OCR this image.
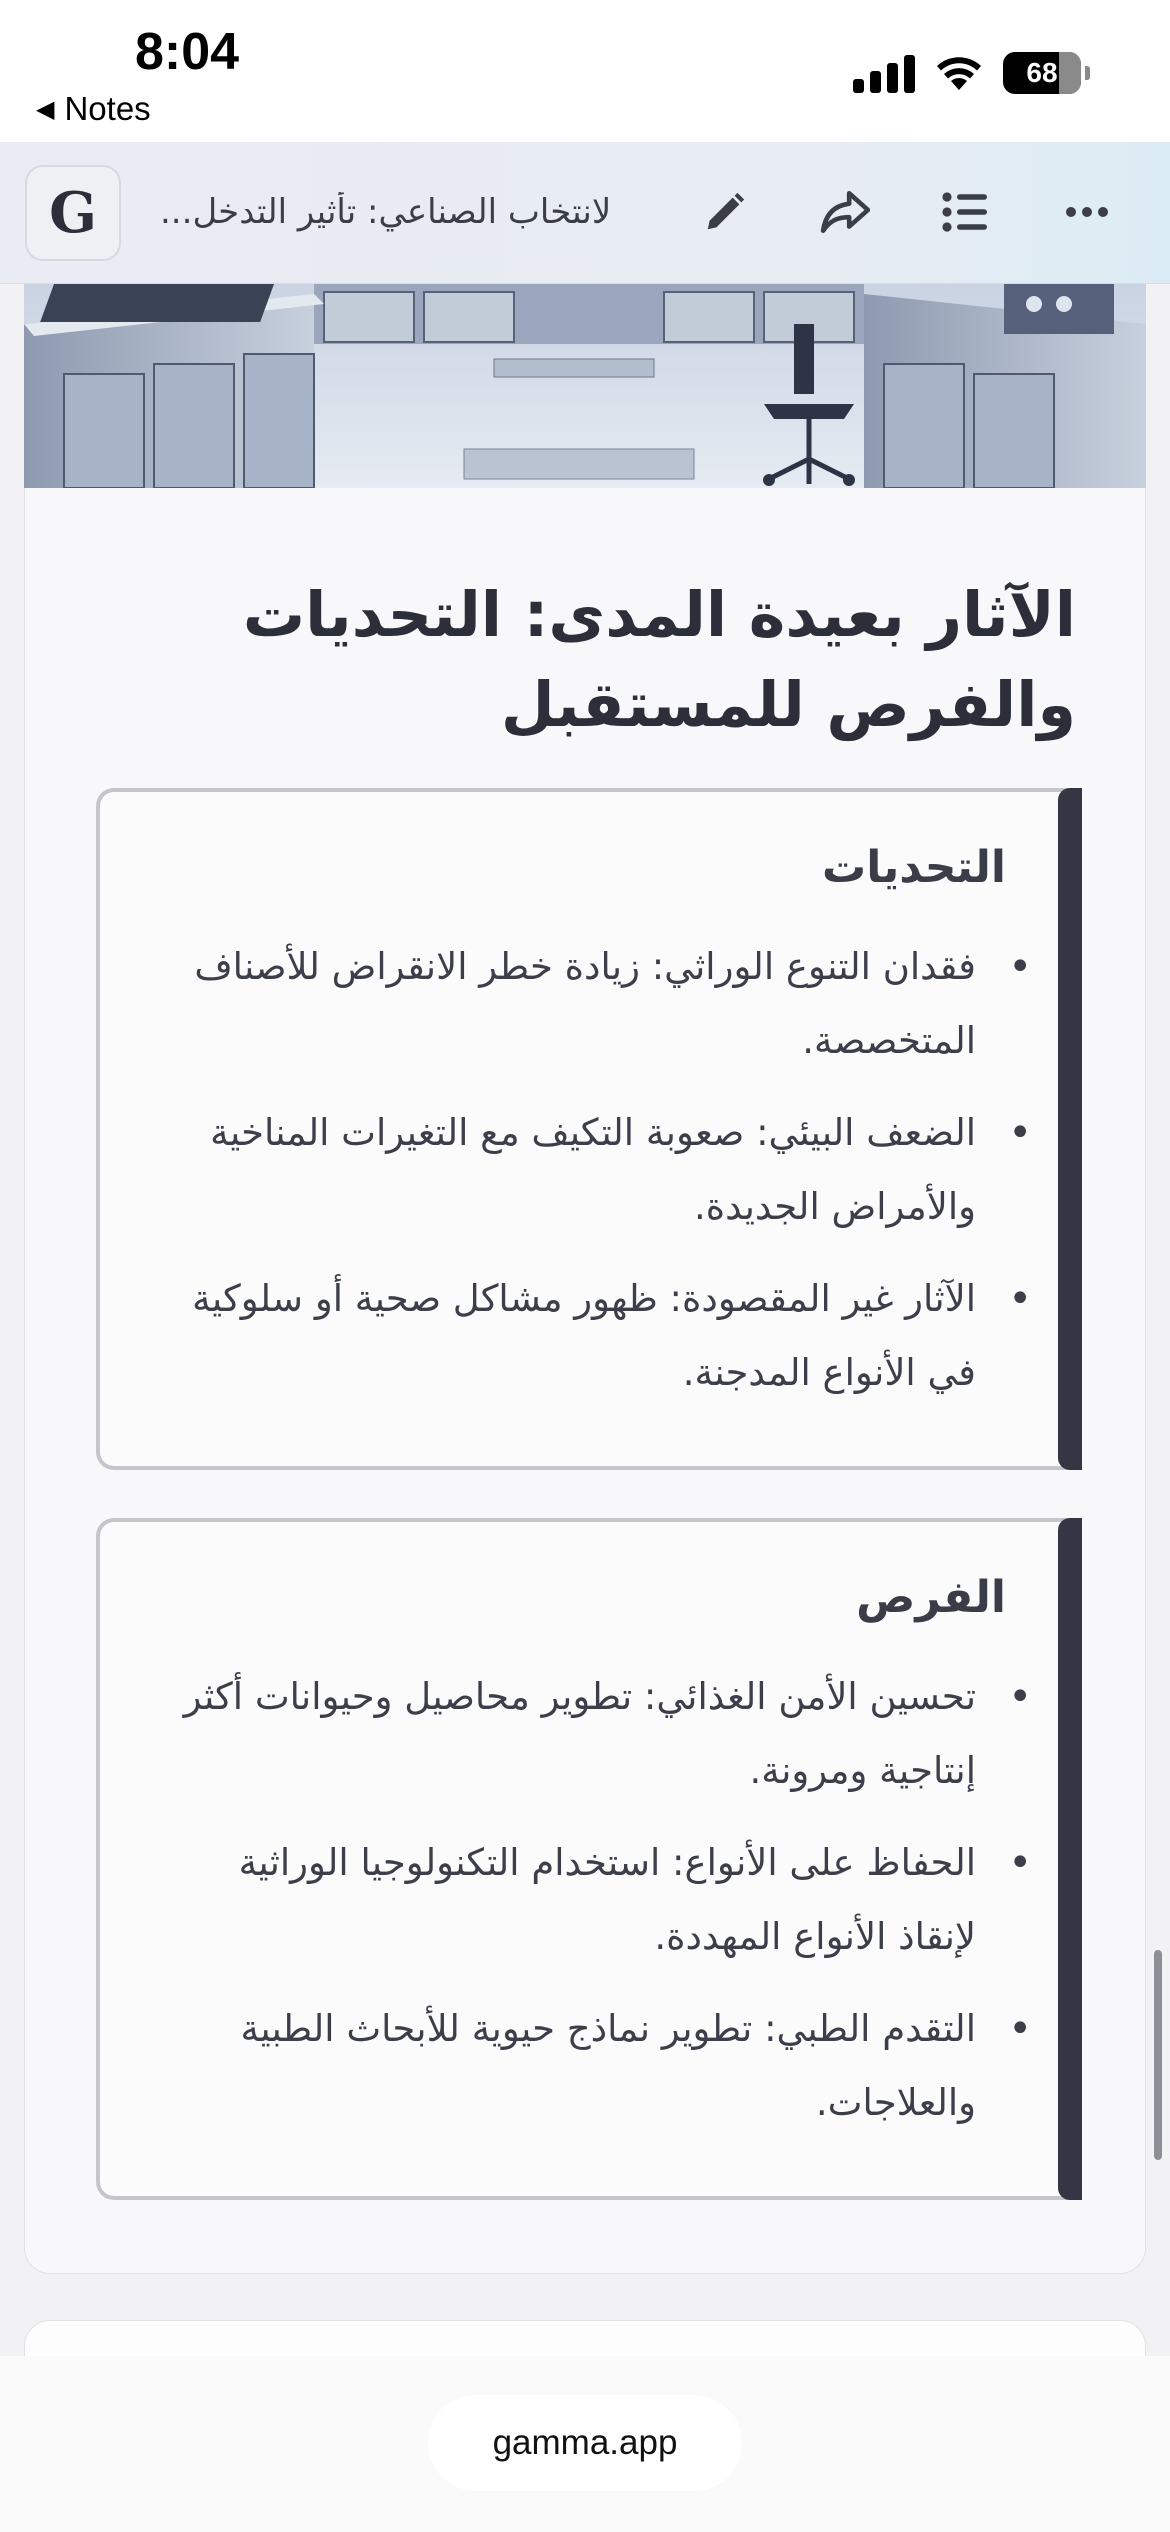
8:04
◀ Notes
68
G	...لانتخاب الصناعي: تأثير التدخل
الآثار بعيدة المدى: التحديات والفرص للمستقبل
التحديات
• فقدان التنوع الوراثي: زيادة خطر الانقراض للأصناف المتخصصة.
• الضعف البيئي: صعوبة التكيف مع التغيرات المناخية والأمراض الجديدة.
• الآثار غير المقصودة: ظهور مشاكل صحية أو سلوكية في الأنواع المدجنة.
الفرص
• تحسين الأمن الغذائي: تطوير محاصيل وحيوانات أكثر إنتاجية ومرونة.
• الحفاظ على الأنواع: استخدام التكنولوجيا الوراثية لإنقاذ الأنواع المهددة.
• التقدم الطبي: تطوير نماذج حيوية للأبحاث الطبية والعلاجات.
gamma.app
